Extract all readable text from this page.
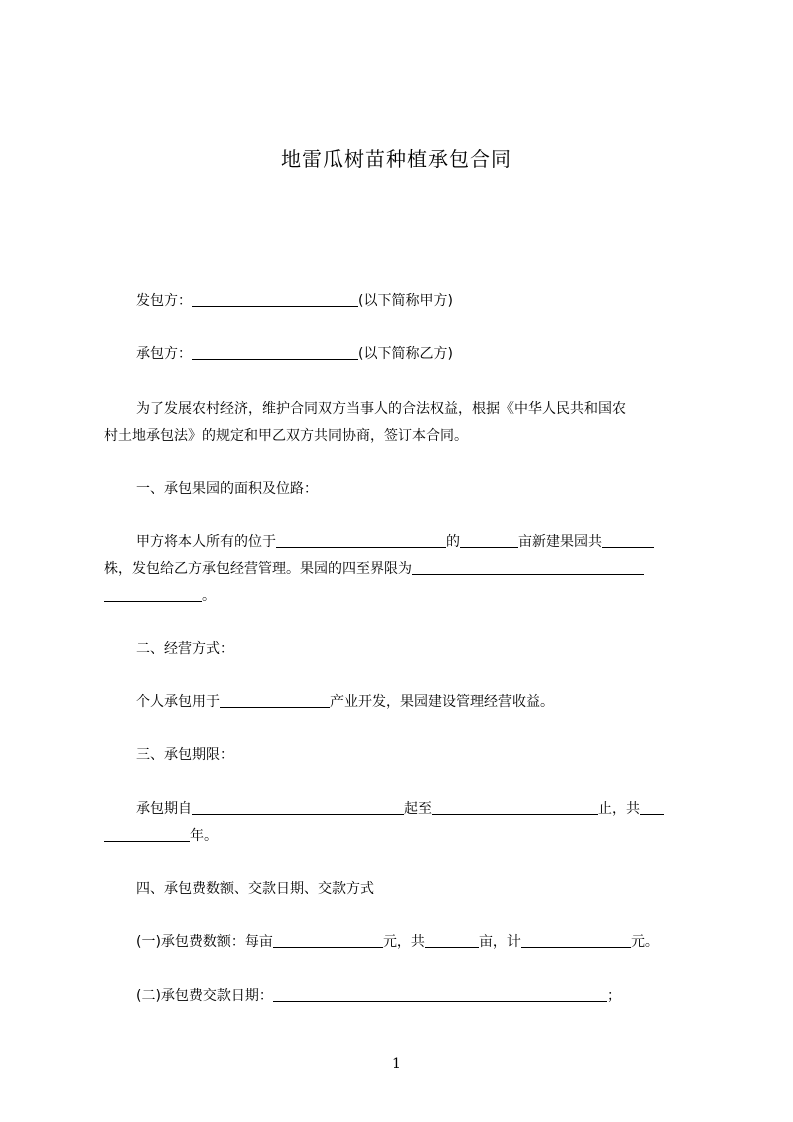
地雷瓜树苗种植承包合同
发包方：	(以下简称甲方)
承包方：	(以下简称乙方)
为了发展农村经济，维护合同双方当事人的合法权益，根据《中华人民共和国农
村土地承包法》的规定和甲乙双方共同协商，签订本合同。
一、承包果园的面积及位路：
甲方将本人所有的位于	的	亩新建果园共
株，发包给乙方承包经营管理。果园的四至界限为
。
二、经营方式：
个人承包用于	产业开发，果园建设管理经营收益。
三、承包期限：
承包期自	起至	止，共
年。
四、承包费数额、交款日期、交款方式
(一)承包费数额：每亩	元，共	亩，计	元。
(二)承包费交款日期：	；
1
